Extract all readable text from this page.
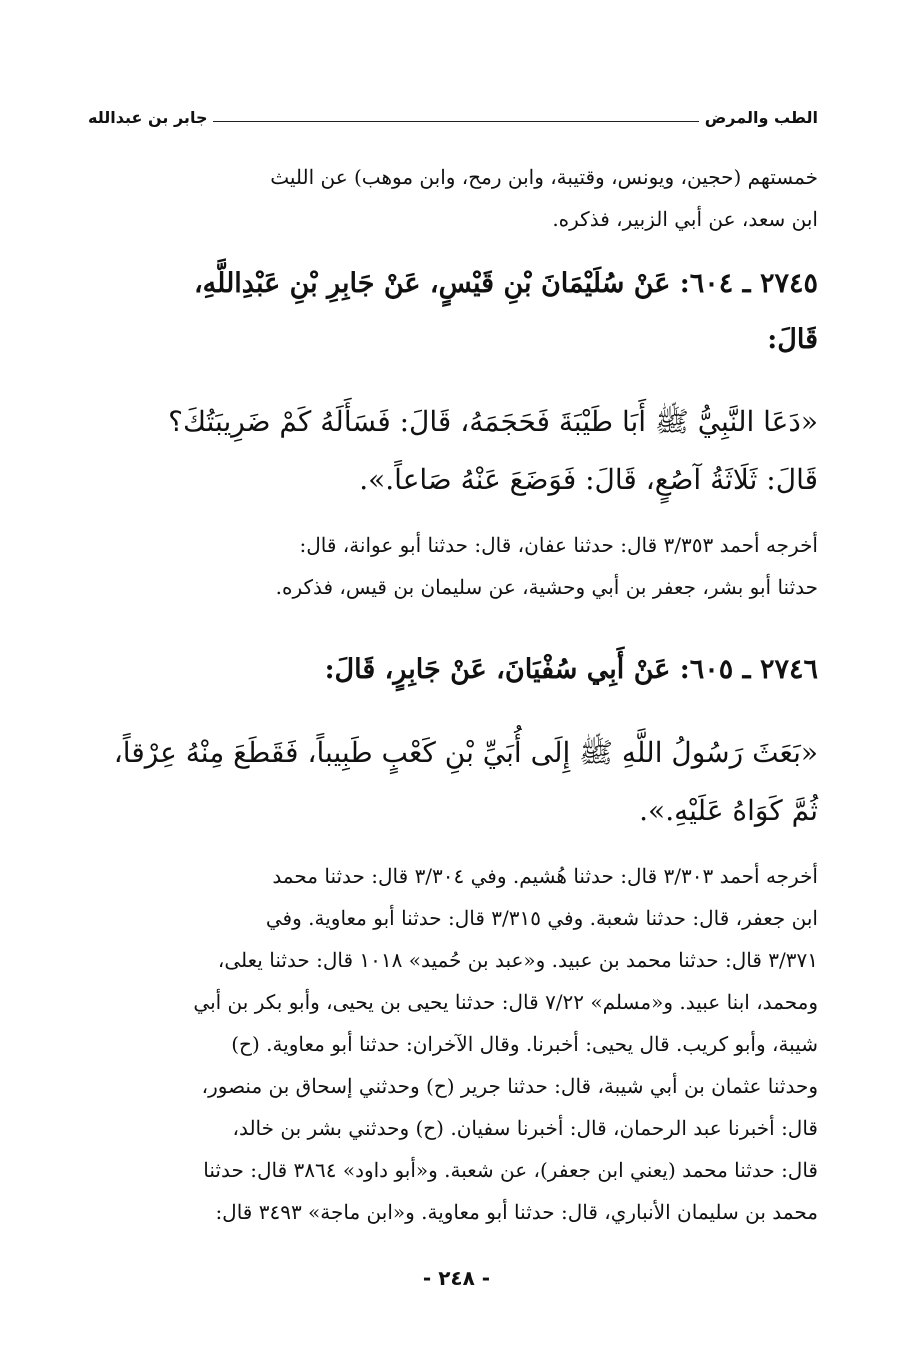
الطب والمرض
جابر بن عبدالله
خمستهم (حجين، ويونس، وقتيبة، وابن رمح، وابن موهب) عن الليث
ابن سعد، عن أبي الزبير، فذكره.
٢٧٤٥ ـ ٦٠٤: عَنْ سُلَيْمَانَ بْنِ قَيْسٍ، عَنْ جَابِرِ بْنِ عَبْدِاللَّهِ،
قَالَ:
«دَعَا النَّبِيُّ ﷺ أَبَا طَيْبَةَ فَحَجَمَهُ، قَالَ: فَسَأَلَهُ كَمْ ضَرِيبَتُكَ؟
قَالَ: ثَلَاثَةُ آصُعٍ، قَالَ: فَوَضَعَ عَنْهُ صَاعاً.».
أخرجه أحمد ٣/٣٥٣ قال: حدثنا عفان، قال: حدثنا أبو عوانة، قال:
حدثنا أبو بشر، جعفر بن أبي وحشية، عن سليمان بن قيس، فذكره.
٢٧٤٦ ـ ٦٠٥: عَنْ أَبِي سُفْيَانَ، عَنْ جَابِرٍ، قَالَ:
«بَعَثَ رَسُولُ اللَّهِ ﷺ إِلَى أُبَيِّ بْنِ كَعْبٍ طَبِيباً، فَقَطَعَ مِنْهُ عِرْقاً،
ثُمَّ كَوَاهُ عَلَيْهِ.».
أخرجه أحمد ٣/٣٠٣ قال: حدثنا هُشيم. وفي ٣/٣٠٤ قال: حدثنا محمد
ابن جعفر، قال: حدثنا شعبة. وفي ٣/٣١٥ قال: حدثنا أبو معاوية. وفي
٣/٣٧١ قال: حدثنا محمد بن عبيد. و«عبد بن حُميد» ١٠١٨ قال: حدثنا يعلى،
ومحمد، ابنا عبيد. و«مسلم» ٧/٢٢ قال: حدثنا يحيى بن يحيى، وأبو بكر بن أبي
شيبة، وأبو كريب. قال يحيى: أخبرنا. وقال الآخران: حدثنا أبو معاوية. (ح)
وحدثنا عثمان بن أبي شيبة، قال: حدثنا جرير (ح) وحدثني إسحاق بن منصور،
قال: أخبرنا عبد الرحمان، قال: أخبرنا سفيان. (ح) وحدثني بشر بن خالد،
قال: حدثنا محمد (يعني ابن جعفر)، عن شعبة. و«أبو داود» ٣٨٦٤ قال: حدثنا
محمد بن سليمان الأنباري، قال: حدثنا أبو معاوية. و«ابن ماجة» ٣٤٩٣ قال:
- ٢٤٨ -
